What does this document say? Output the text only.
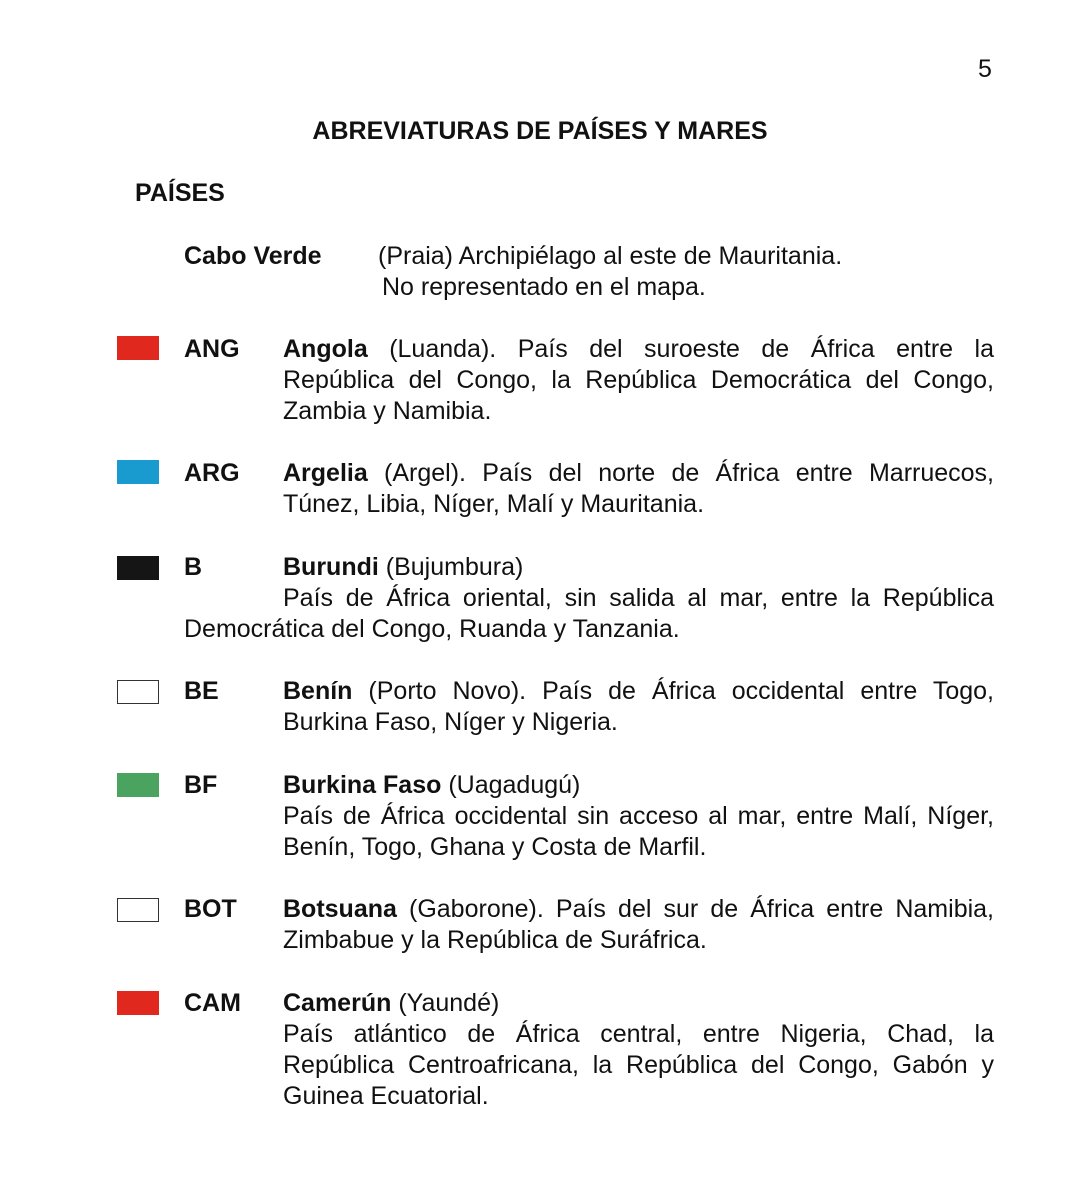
5
ABREVIATURAS DE PAÍSES Y MARES
PAÍSES
Cabo Verde (Praia) Archipiélago al este de Mauritania.
No representado en el mapa.
ANG Angola (Luanda). País del suroeste de África entre la República del Congo, la República Democrática del Congo, Zambia y Namibia.
ARG Argelia (Argel). País del norte de África entre Marruecos, Túnez, Libia, Níger, Malí y Mauritania.
B	Burundi (Bujumbura)
País de África oriental, sin salida al mar, entre la República Democrática del Congo, Ruanda y Tanzania.
BE	Benín (Porto Novo). País de África occidental entre Togo, Burkina Faso, Níger y Nigeria.
BF	Burkina Faso (Uagadugú)
País de África occidental sin acceso al mar, entre Malí, Níger, Benín, Togo, Ghana y Costa de Marfil.
BOT Botsuana (Gaborone). País del sur de África entre Namibia, Zimbabue y la República de Suráfrica.
CAM Camerún (Yaundé)
País atlántico de África central, entre Nigeria, Chad, la República Centroafricana, la República del Congo, Gabón y Guinea Ecuatorial.
